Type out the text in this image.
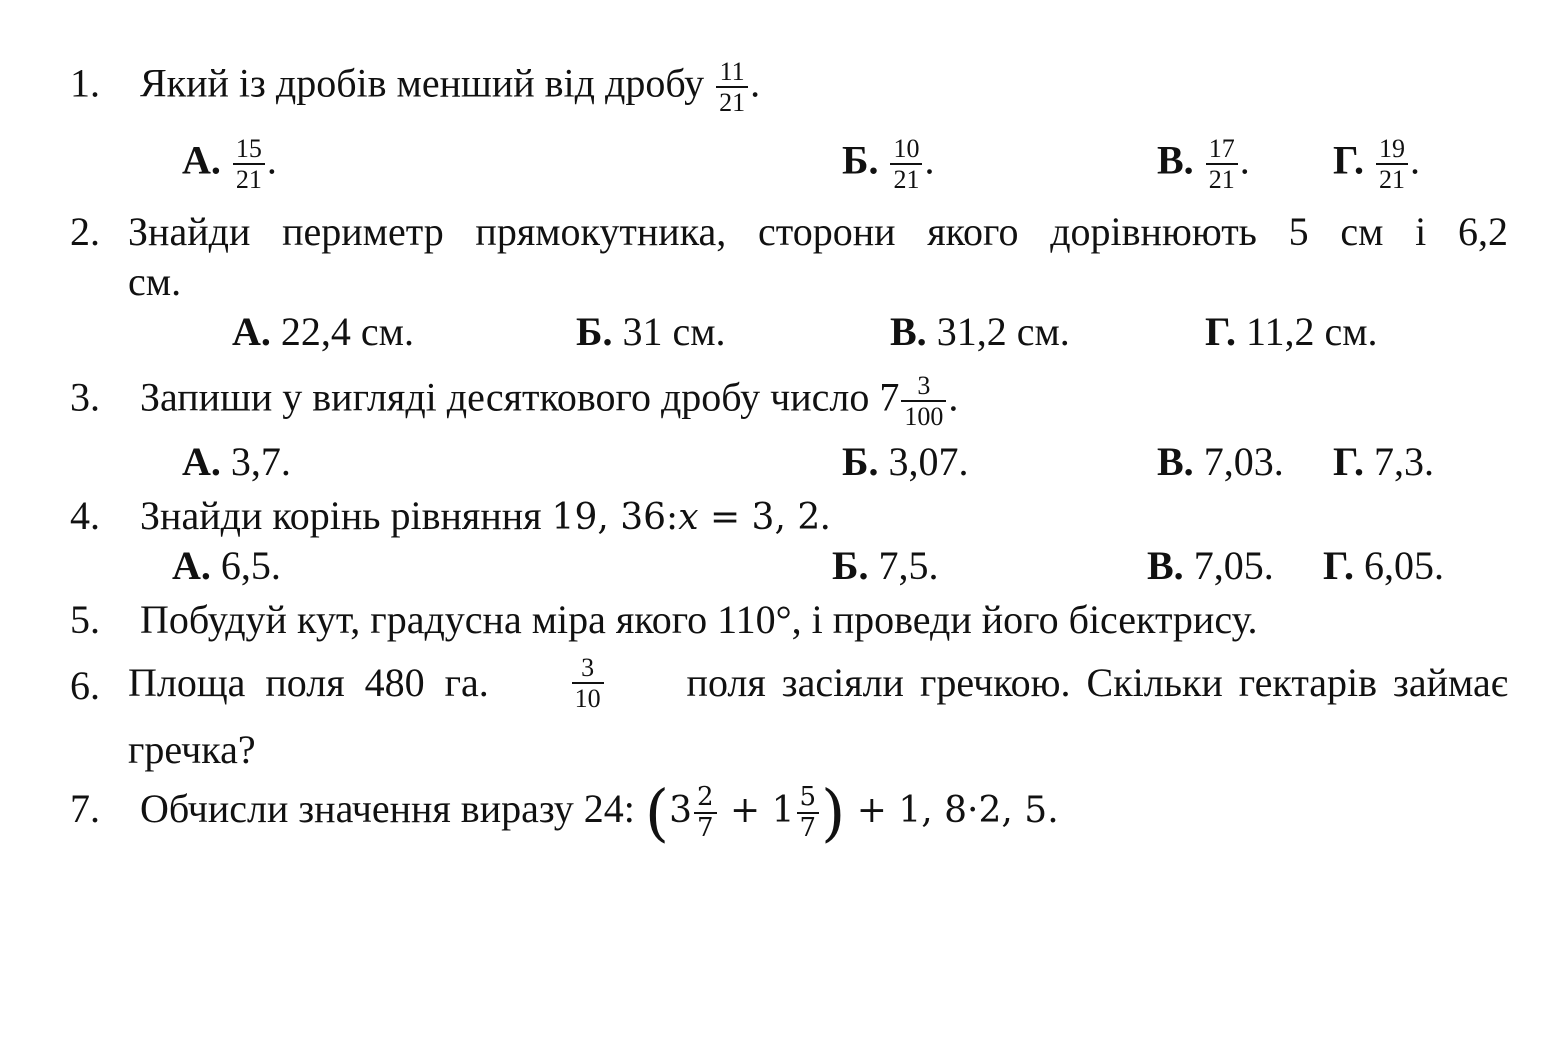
1. Який із дробів менший від дробу $\frac{11}{21}$ .
А. $\frac{15}{21}$ .	Б. $\frac{10}{21}$ .	В. $\frac{17}{21}$ . Г. $\frac{19}{21}$ .
2. Знайди периметр прямокутника, сторони якого дорівнюють 5 см і 6,2
см.
А. 22,4 см.	Б. 31 см.	В. 31,2 см.	Г. 11,2 см.
3. Запиши у вигляді десяткового дробу число $7 \frac{3}{100}$ .
А. 3,7.	Б. 3,07.	В. 7,03. Г. 7,3.
4. Знайди корінь рівняння 19, 36:x = 3, 2.
А. 6,5.	Б. 7,5.	В. 7,05. Г. 6,05.
5. Побудуй кут, градусна міра якого 110°, і проведи його бісектрису.
6. Площа поля 480 га.	$\frac{3}{10}$ поля засіяли гречкою. Скільки гектарів займає
гречка?
7. Обчисли значення виразу 24: ($3 \frac{2}{7} + 1 \frac{5}{7}$ ) + 1, 8·2, 5.
